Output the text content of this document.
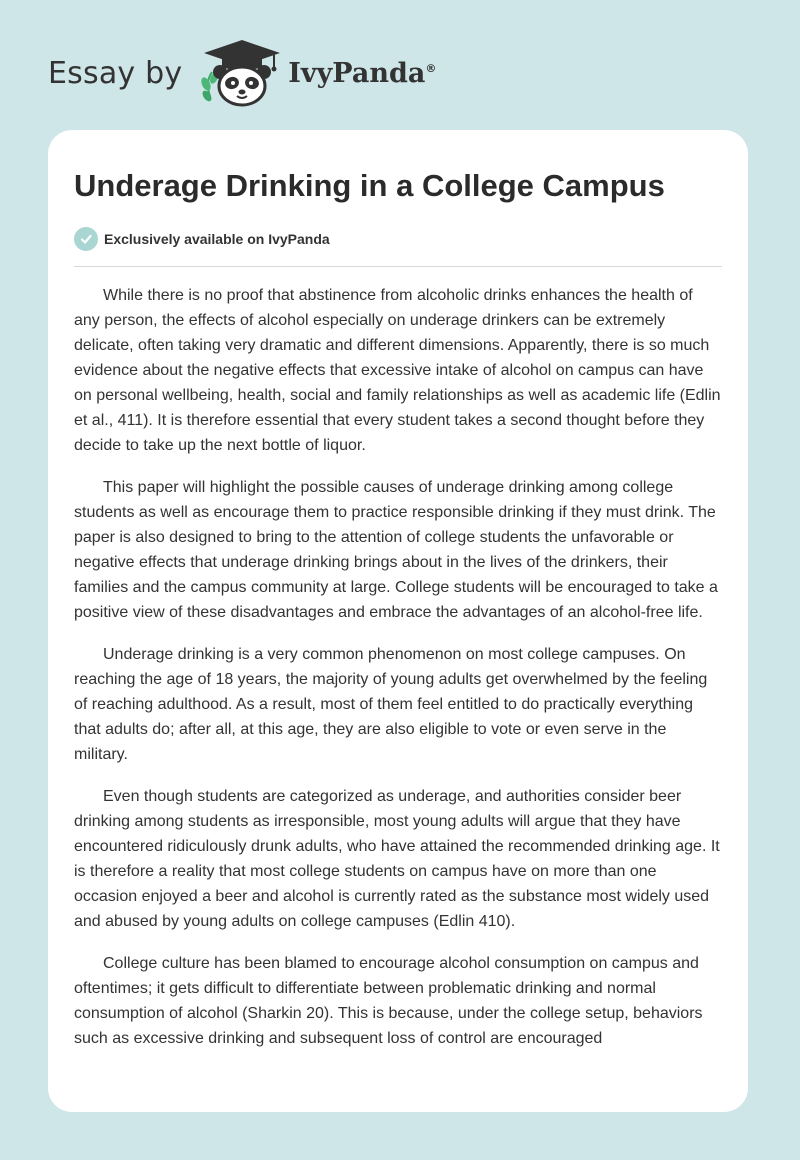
Essay by	IvyPanda®
Underage Drinking in a College Campus
Exclusively available on IvyPanda

While there is no proof that abstinence from alcoholic drinks enhances the health of any person, the effects of alcohol especially on underage drinkers can be extremely delicate, often taking very dramatic and different dimensions. Apparently, there is so much evidence about the negative effects that excessive intake of alcohol on campus can have on personal wellbeing, health, social and family relationships as well as academic life (Edlin et al., 411). It is therefore essential that every student takes a second thought before they decide to take up the next bottle of liquor.

This paper will highlight the possible causes of underage drinking among college students as well as encourage them to practice responsible drinking if they must drink. The paper is also designed to bring to the attention of college students the unfavorable or negative effects that underage drinking brings about in the lives of the drinkers, their families and the campus community at large. College students will be encouraged to take a positive view of these disadvantages and embrace the advantages of an alcohol-free life.

Underage drinking is a very common phenomenon on most college campuses. On reaching the age of 18 years, the majority of young adults get overwhelmed by the feeling of reaching adulthood. As a result, most of them feel entitled to do practically everything that adults do; after all, at this age, they are also eligible to vote or even serve in the military.

Even though students are categorized as underage, and authorities consider beer drinking among students as irresponsible, most young adults will argue that they have encountered ridiculously drunk adults, who have attained the recommended drinking age. It is therefore a reality that most college students on campus have on more than one occasion enjoyed a beer and alcohol is currently rated as the substance most widely used and abused by young adults on college campuses (Edlin 410).

College culture has been blamed to encourage alcohol consumption on campus and oftentimes; it gets difficult to differentiate between problematic drinking and normal consumption of alcohol (Sharkin 20). This is because, under the college setup, behaviors such as excessive drinking and subsequent loss of control are encouraged
